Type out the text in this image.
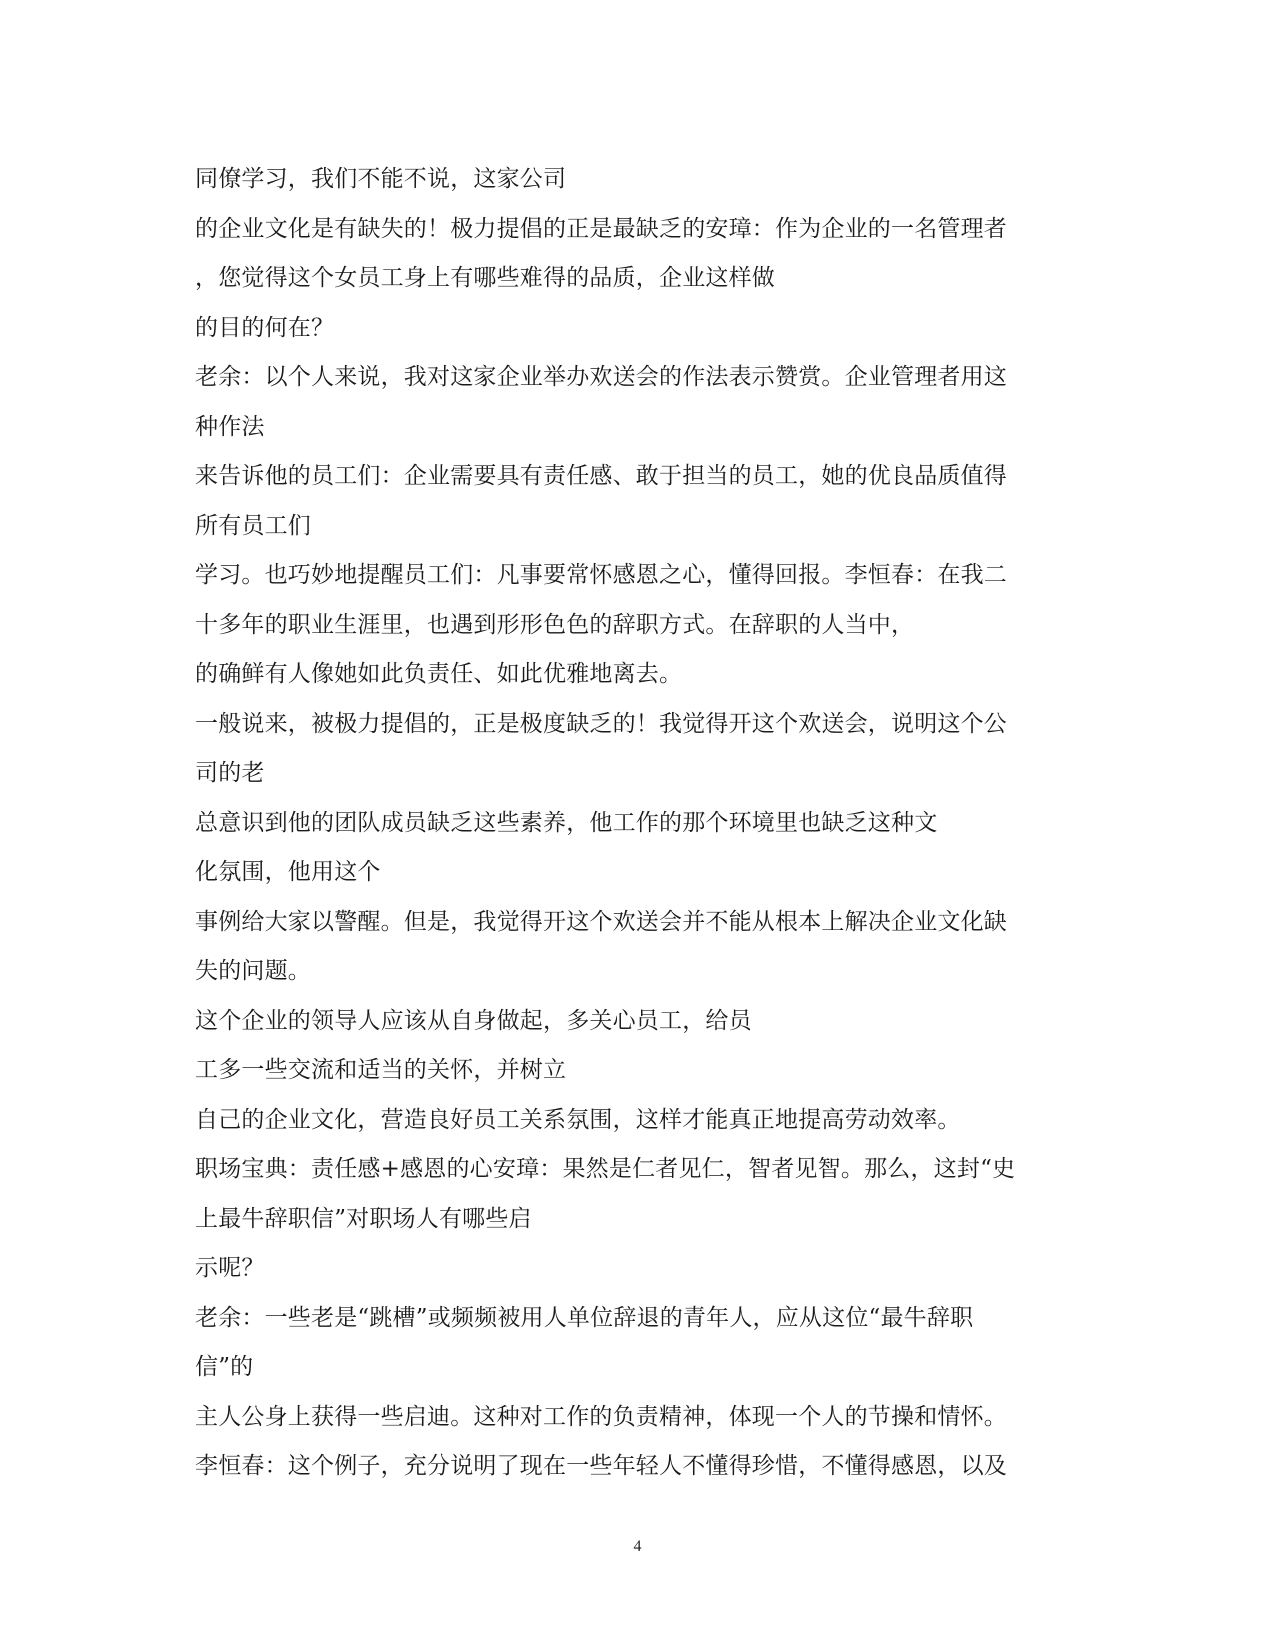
同僚学习，我们不能不说，这家公司
的企业文化是有缺失的！极力提倡的正是最缺乏的安璋：作为企业的一名管理者
，您觉得这个女员工身上有哪些难得的品质，企业这样做
的目的何在？
老余：以个人来说，我对这家企业举办欢送会的作法表示赞赏。企业管理者用这
种作法
来告诉他的员工们：企业需要具有责任感、敢于担当的员工，她的优良品质值得
所有员工们
学习。也巧妙地提醒员工们：凡事要常怀感恩之心，懂得回报。李恒春：在我二
十多年的职业生涯里，也遇到形形色色的辞职方式。在辞职的人当中，
的确鲜有人像她如此负责任、如此优雅地离去。
一般说来，被极力提倡的，正是极度缺乏的！我觉得开这个欢送会，说明这个公
司的老
总意识到他的团队成员缺乏这些素养，他工作的那个环境里也缺乏这种文
化氛围，他用这个
事例给大家以警醒。但是，我觉得开这个欢送会并不能从根本上解决企业文化缺
失的问题。
这个企业的领导人应该从自身做起，多关心员工，给员
工多一些交流和适当的关怀，并树立
自己的企业文化，营造良好员工关系氛围，这样才能真正地提高劳动效率。
职场宝典：责任感+感恩的心安璋：果然是仁者见仁，智者见智。那么，这封“史
上最牛辞职信”对职场人有哪些启
示呢？
老余：一些老是“跳槽”或频频被用人单位辞退的青年人，应从这位“最牛辞职
信”的
主人公身上获得一些启迪。这种对工作的负责精神，体现一个人的节操和情怀。
李恒春：这个例子，充分说明了现在一些年轻人不懂得珍惜，不懂得感恩，以及
4
